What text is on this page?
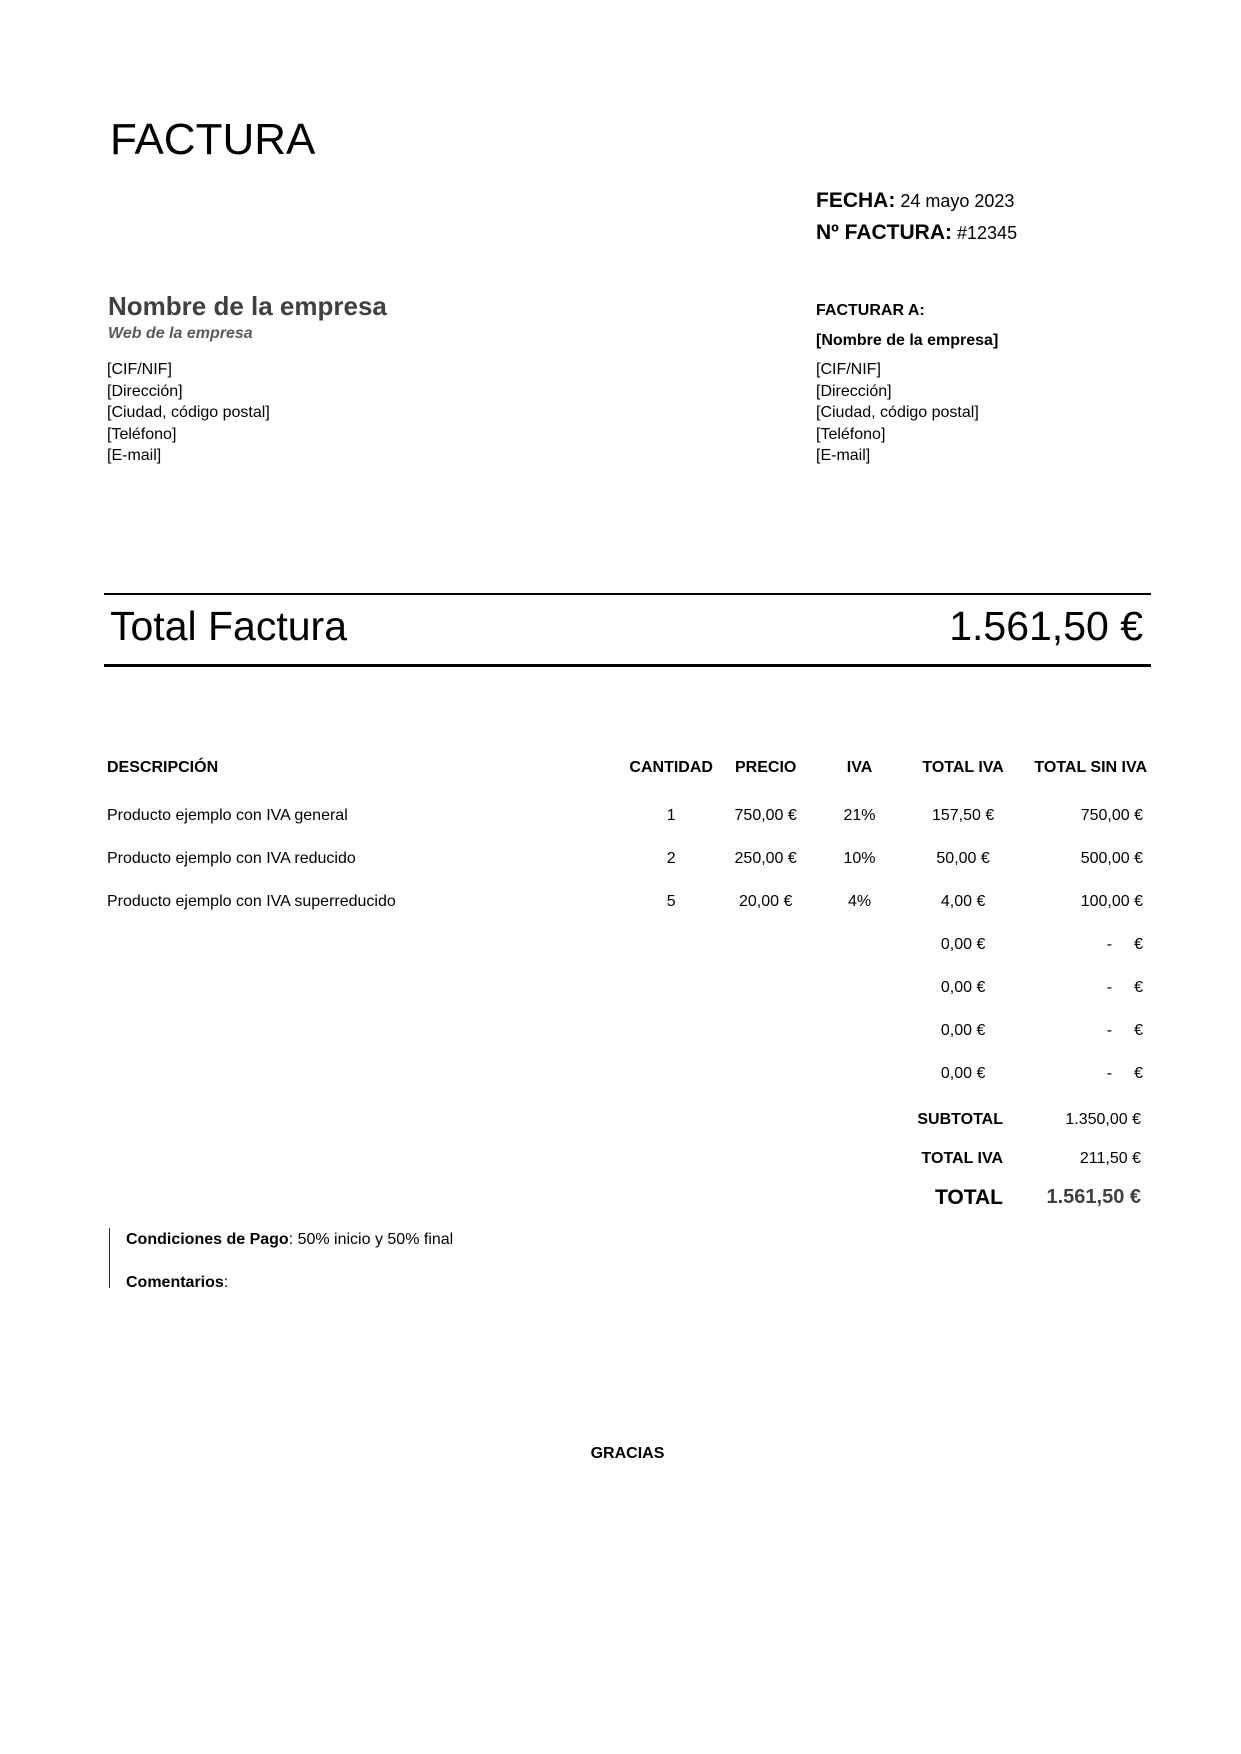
FACTURA
FECHA: 24 mayo 2023
Nº FACTURA: #12345
Nombre de la empresa
Web de la empresa
[CIF/NIF]
[Dirección]
[Ciudad, código postal]
[Teléfono]
[E-mail]
FACTURAR A:
[Nombre de la empresa]
[CIF/NIF]
[Dirección]
[Ciudad, código postal]
[Teléfono]
[E-mail]
Total Factura	1.561,50 €
DESCRIPCIÓN	CANTIDAD	PRECIO	IVA	TOTAL IVA	TOTAL SIN IVA
Producto ejemplo con IVA general	1	750,00 €	21%	157,50 €	750,00 €
Producto ejemplo con IVA reducido	2	250,00 €	10%	50,00 €	500,00 €
Producto ejemplo con IVA superreducido	5	20,00 €	4%	4,00 €	100,00 €
				0,00 €	- €
				0,00 €	- €
				0,00 €	- €
				0,00 €	- €
SUBTOTAL	1.350,00 €
TOTAL IVA	211,50 €
TOTAL 1.561,50 €
Condiciones de Pago: 50% inicio y 50% final
Comentarios:
GRACIAS
